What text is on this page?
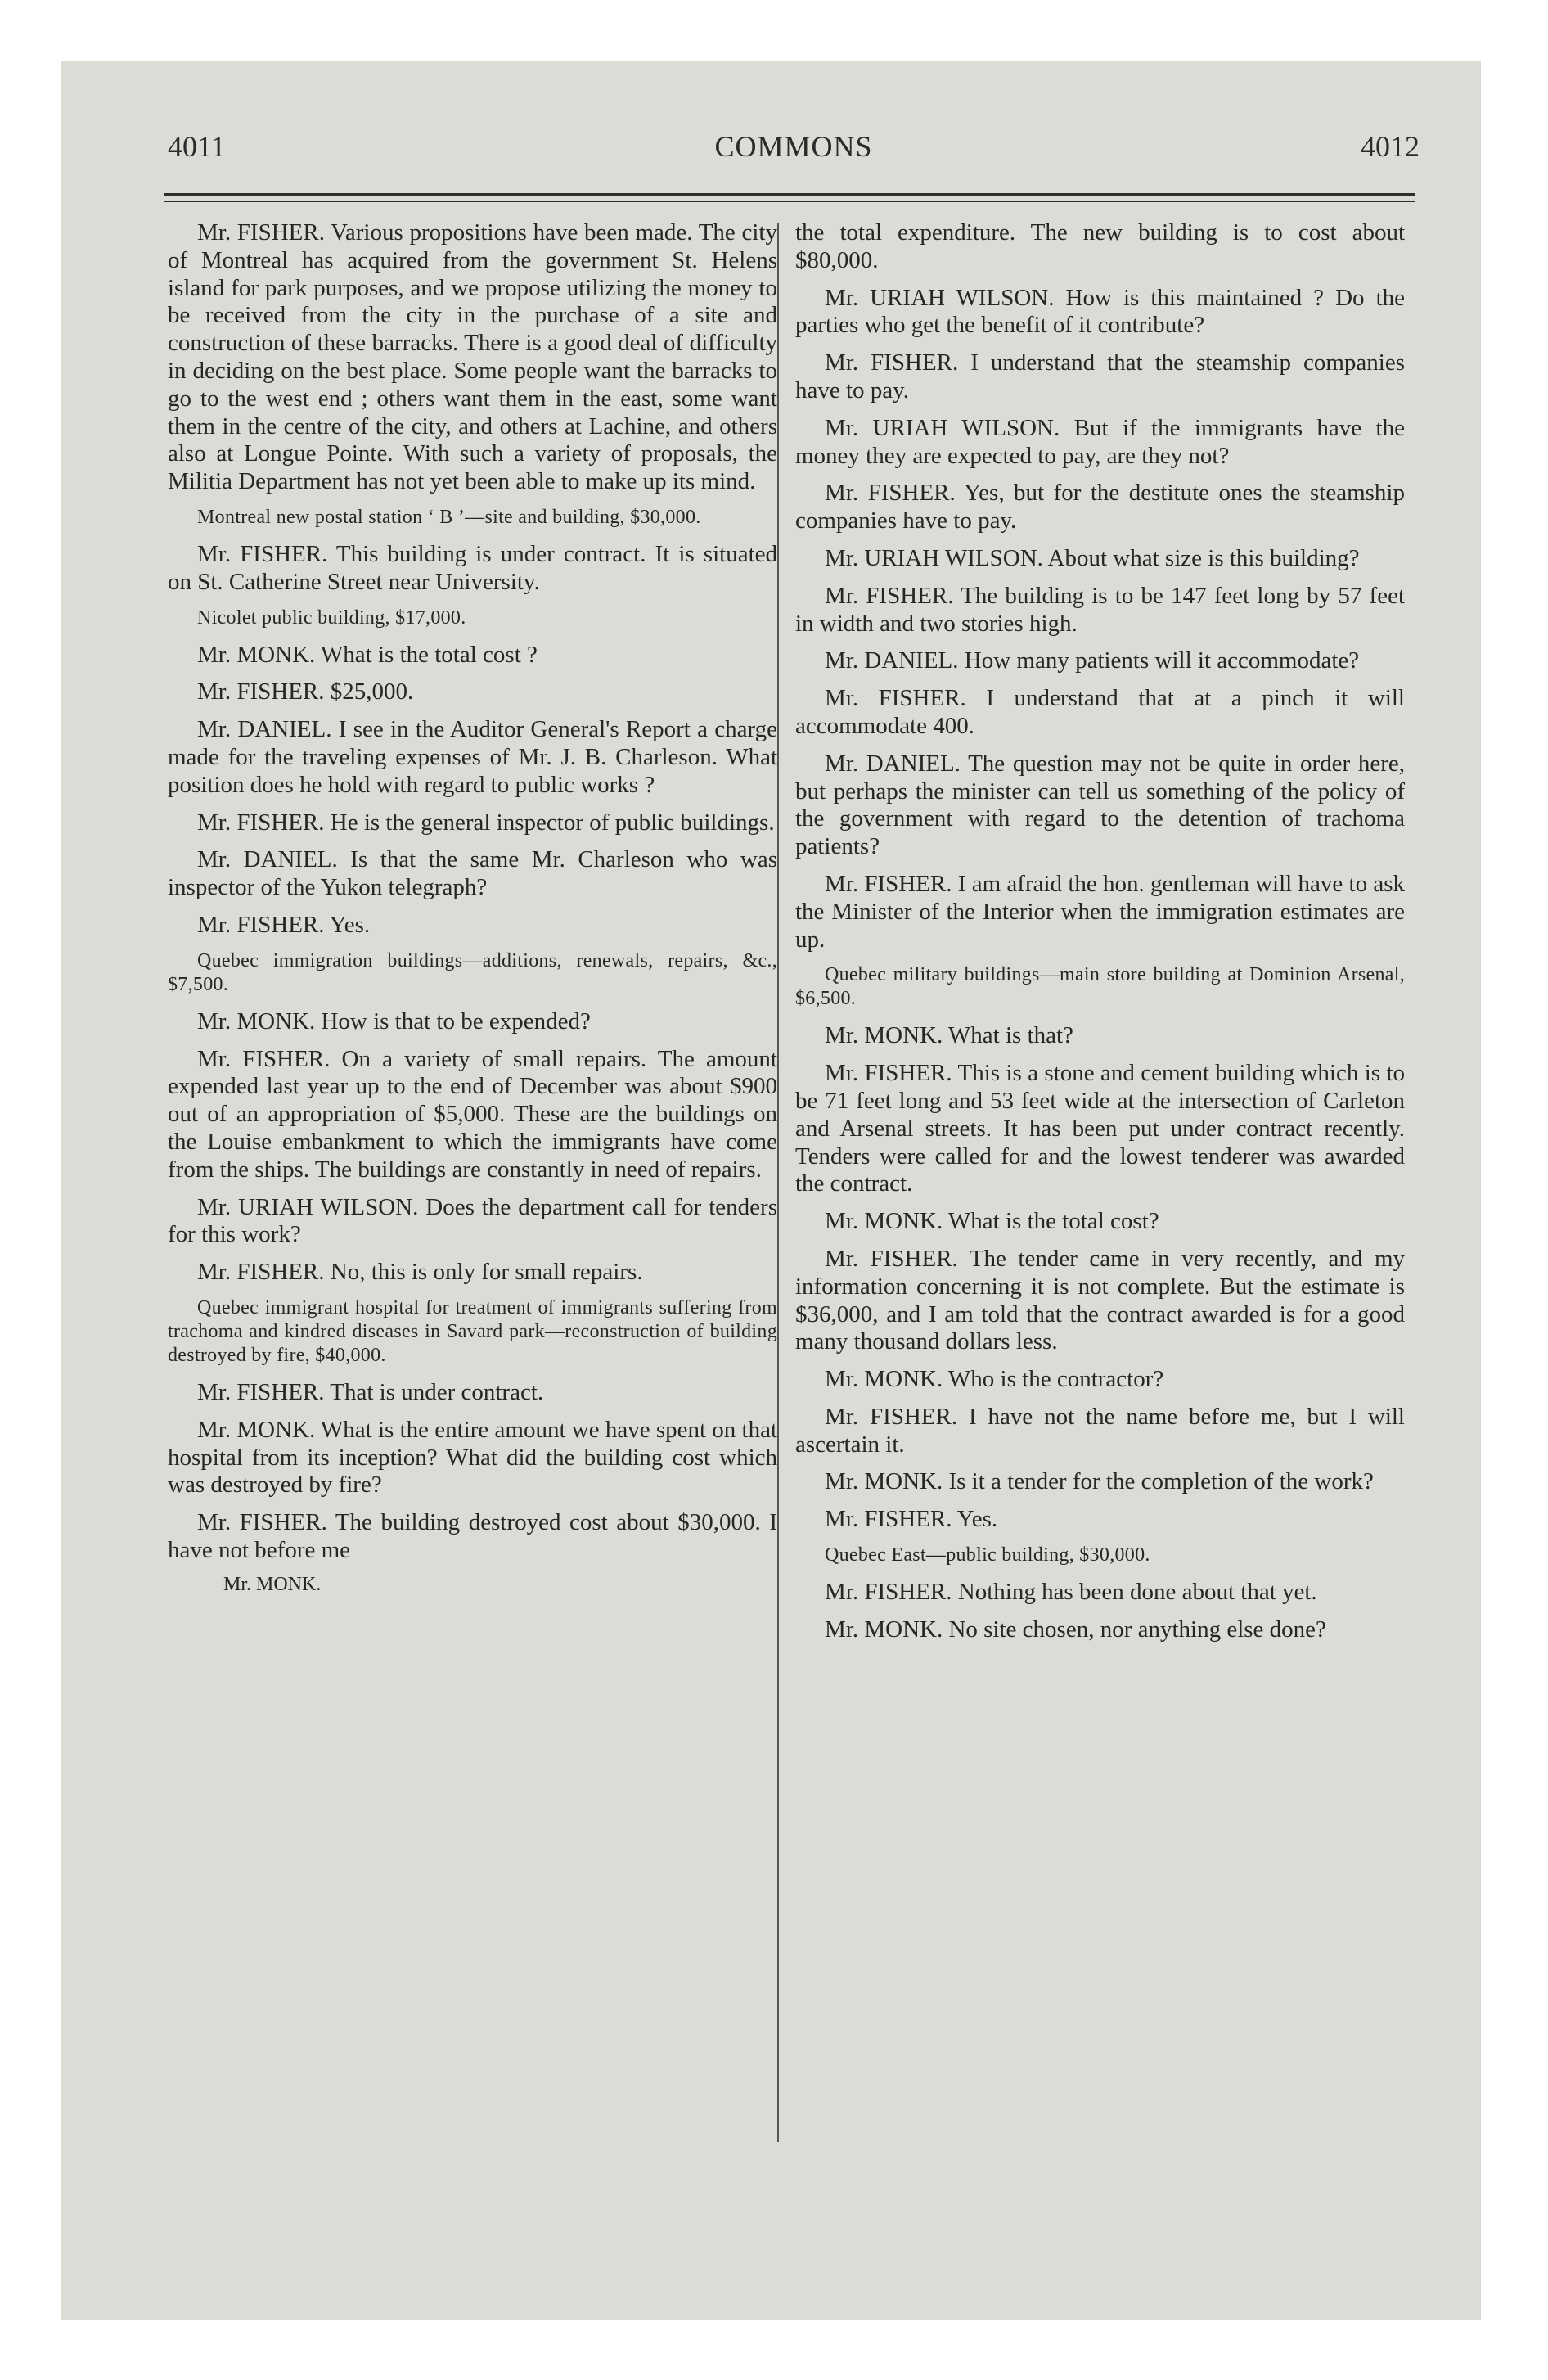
4011	COMMONS	4012

Mr. FISHER. Various propositions have been made. The city of Montreal has acquired from the government St. Helens island for park purposes, and we propose utilizing the money to be received from the city in the purchase of a site and construction of these barracks. There is a good deal of difficulty in deciding on the best place. Some people want the barracks to go to the west end ; others want them in the east, some want them in the centre of the city, and others at Lachine, and others also at Longue Pointe. With such a variety of proposals, the Militia Department has not yet been able to make up its mind.

Montreal new postal station ‘ B ’—site and building, $30,000.

Mr. FISHER. This building is under contract. It is situated on St. Catherine Street near University.

Nicolet public building, $17,000.

Mr. MONK. What is the total cost ?

Mr. FISHER. $25,000.

Mr. DANIEL. I see in the Auditor General's Report a charge made for the traveling expenses of Mr. J. B. Charleson. What position does he hold with regard to public works ?

Mr. FISHER. He is the general inspector of public buildings.

Mr. DANIEL. Is that the same Mr. Charleson who was inspector of the Yukon telegraph?

Mr. FISHER. Yes.

Quebec immigration buildings—additions, renewals, repairs, &c., $7,500.

Mr. MONK. How is that to be expended?

Mr. FISHER. On a variety of small repairs. The amount expended last year up to the end of December was about $900 out of an appropriation of $5,000. These are the buildings on the Louise embankment to which the immigrants have come from the ships. The buildings are constantly in need of repairs.

Mr. URIAH WILSON. Does the department call for tenders for this work?

Mr. FISHER. No, this is only for small repairs.

Quebec immigrant hospital for treatment of immigrants suffering from trachoma and kindred diseases in Savard park—reconstruction of building destroyed by fire, $40,000.

Mr. FISHER. That is under contract.

Mr. MONK. What is the entire amount we have spent on that hospital from its inception? What did the building cost which was destroyed by fire?

Mr. FISHER. The building destroyed cost about $30,000. I have not before me

Mr. MONK.

the total expenditure. The new building is to cost about $80,000.

Mr. URIAH WILSON. How is this maintained ? Do the parties who get the benefit of it contribute?

Mr. FISHER. I understand that the steamship companies have to pay.

Mr. URIAH WILSON. But if the immigrants have the money they are expected to pay, are they not?

Mr. FISHER. Yes, but for the destitute ones the steamship companies have to pay.

Mr. URIAH WILSON. About what size is this building?

Mr. FISHER. The building is to be 147 feet long by 57 feet in width and two stories high.

Mr. DANIEL. How many patients will it accommodate?

Mr. FISHER. I understand that at a pinch it will accommodate 400.

Mr. DANIEL. The question may not be quite in order here, but perhaps the minister can tell us something of the policy of the government with regard to the detention of trachoma patients?

Mr. FISHER. I am afraid the hon. gentleman will have to ask the Minister of the Interior when the immigration estimates are up.

Quebec military buildings—main store building at Dominion Arsenal, $6,500.

Mr. MONK. What is that?

Mr. FISHER. This is a stone and cement building which is to be 71 feet long and 53 feet wide at the intersection of Carleton and Arsenal streets. It has been put under contract recently. Tenders were called for and the lowest tenderer was awarded the contract.

Mr. MONK. What is the total cost?

Mr. FISHER. The tender came in very recently, and my information concerning it is not complete. But the estimate is $36,000, and I am told that the contract awarded is for a good many thousand dollars less.

Mr. MONK. Who is the contractor?

Mr. FISHER. I have not the name before me, but I will ascertain it.

Mr. MONK. Is it a tender for the completion of the work?

Mr. FISHER. Yes.

Quebec East—public building, $30,000.

Mr. FISHER. Nothing has been done about that yet.

Mr. MONK. No site chosen, nor anything else done?
